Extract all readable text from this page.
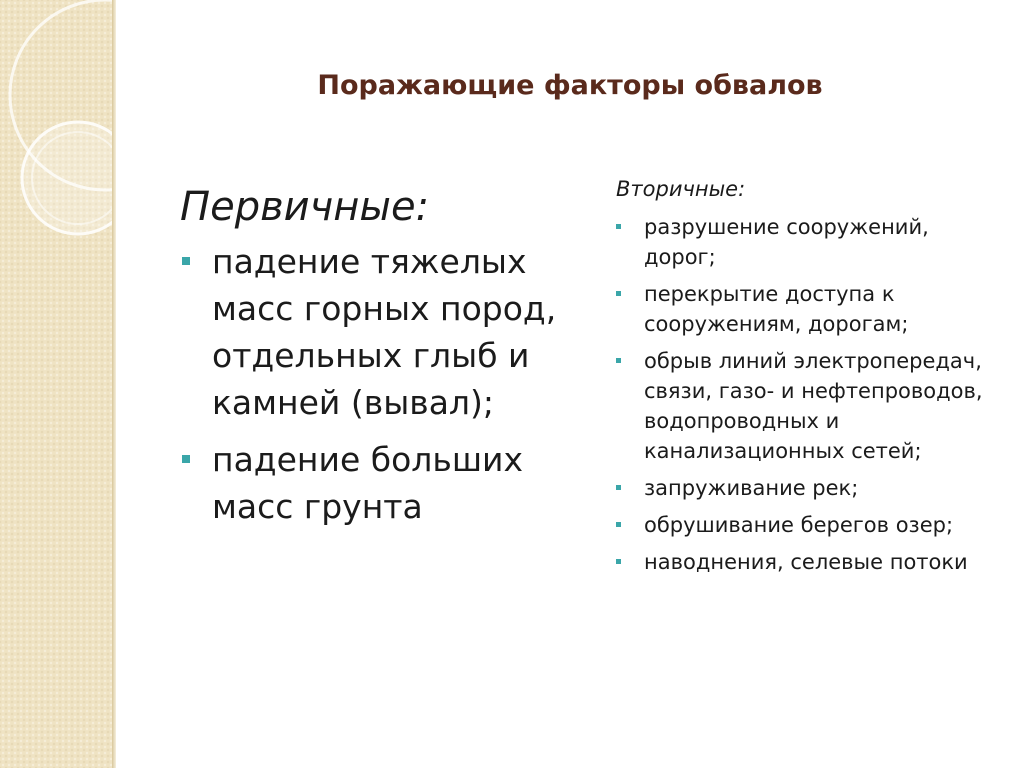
Поражающие факторы обвалов
Первичные:
падение тяжелых масс горных пород, отдельных глыб и камней (вывал);
падение больших масс грунта
Вторичные:
разрушение сооружений, дорог;
перекрытие доступа к сооружениям, дорогам;
обрыв линий электропередач, связи, газо- и нефтепроводов, водопроводных и канализационных сетей;
запруживание рек;
обрушивание берегов озер;
наводнения, селевые потоки
